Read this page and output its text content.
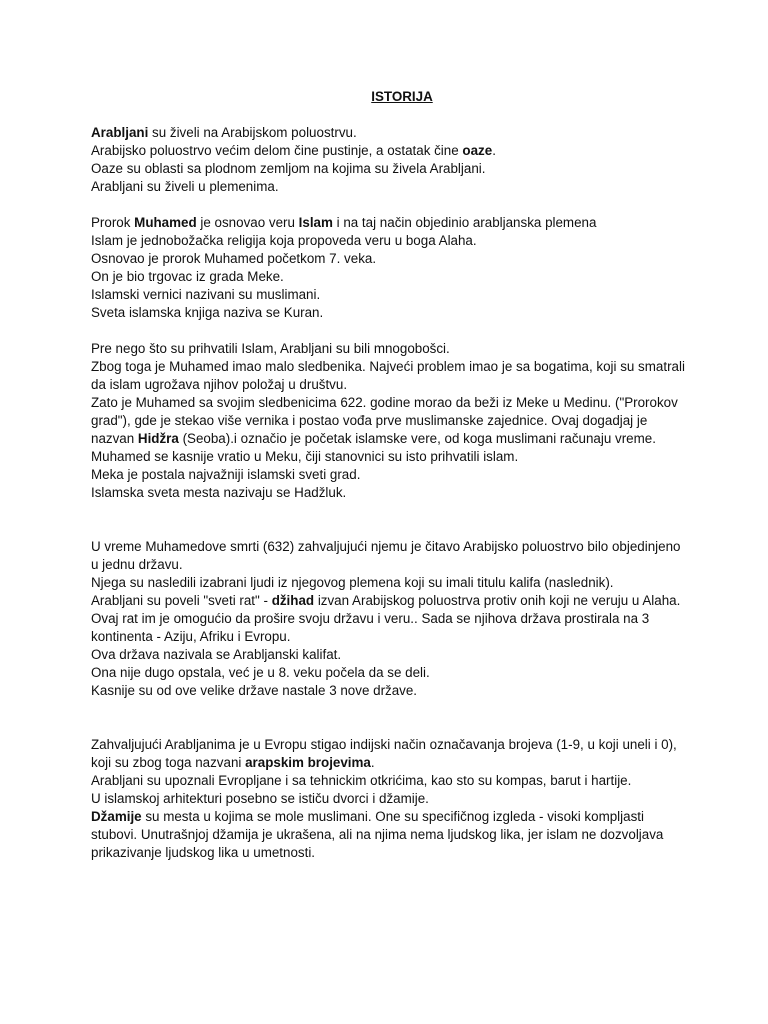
ISTORIJA

Arabljani su živeli na Arabijskom poluostrvu.

Arabijsko poluostrvo većim delom čine pustinje, a ostatak čine oaze.

Oaze su oblasti sa plodnom zemljom na kojima su živela Arabljani.

Arabljani su živeli u plemenima.

Prorok Muhamed je osnovao veru Islam i na taj način objedinio arabljanska plemena

Islam je jednobožačka religija koja propoveda veru u boga Alaha.

Osnovao je prorok Muhamed početkom 7. veka.

On je bio trgovac iz grada Meke.

Islamski vernici nazivani su muslimani.

Sveta islamska knjiga naziva se Kuran.

Pre nego što su prihvatili Islam, Arabljani su bili mnogobošci.

Zbog toga je Muhamed imao malo sledbenika. Najveći problem imao je sa bogatima, koji su smatrali da islam ugrožava njihov položaj u društvu.

Zato je Muhamed sa svojim sledbenicima 622. godine morao da beži iz Meke u Medinu. ("Prorokov grad"), gde je stekao više vernika i postao vođa prve muslimanske zajednice. Ovaj dogadjaj je nazvan Hidžra (Seoba).i označio je početak islamske vere, od koga muslimani računaju vreme.

Muhamed se kasnije vratio u Meku, čiji stanovnici su isto prihvatili islam.

Meka je postala najvažniji islamski sveti grad.

Islamska sveta mesta nazivaju se Hadžluk.

U vreme Muhamedove smrti (632) zahvaljujući njemu je čitavo Arabijsko poluostrvo bilo objedinjeno u jednu državu.

Njega su nasledili izabrani ljudi iz njegovog plemena koji su imali titulu kalifa (naslednik).

Arabljani su poveli "sveti rat" - džihad izvan Arabijskog poluostrva protiv onih koji ne veruju u Alaha. Ovaj rat im je omogućio da prošire svoju državu i veru.. Sada se njihova država prostirala na 3 kontinenta - Aziju, Afriku i Evropu.

Ova država nazivala se Arabljanski kalifat.

Ona nije dugo opstala, već je u 8. veku počela da se deli.

Kasnije su od ove velike države nastale 3 nove države.

Zahvaljujući Arabljanima je u Evropu stigao indijski način označavanja brojeva (1-9, u koji uneli i 0), koji su zbog toga nazvani arapskim brojevima.

Arabljani su upoznali Evropljane i sa tehnickim otkrićima, kao sto su kompas, barut i hartije.

U islamskoj arhitekturi posebno se ističu dvorci i džamije.

Džamije su mesta u kojima se mole muslimani. One su specifičnog izgleda - visoki kompljasti stubovi. Unutrašnjoj džamija je ukrašena, ali na njima nema ljudskog lika, jer islam ne dozvoljava prikazivanje ljudskog lika u umetnosti.
